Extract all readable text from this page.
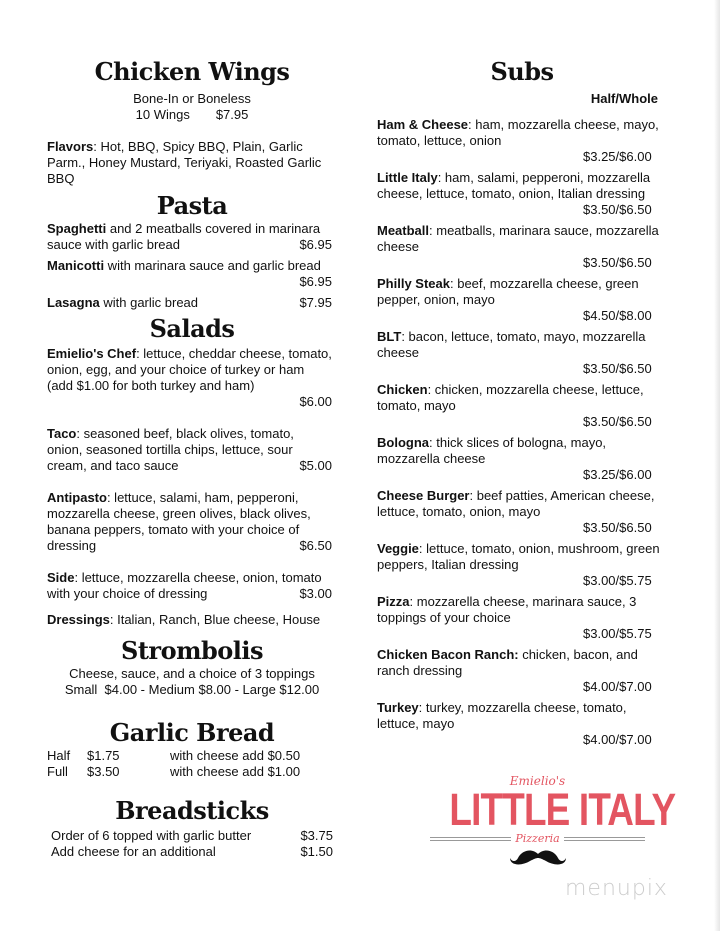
Chicken Wings
Bone-In or Boneless
10 Wings $7.95
Flavors: Hot, BBQ, Spicy BBQ, Plain, Garlic Parm., Honey Mustard, Teriyaki, Roasted Garlic BBQ
Pasta
Spaghetti and 2 meatballs covered in marinara sauce with garlic bread	$6.95
Manicotti with marinara sauce and garlic bread
$6.95
Lasagna with garlic bread	$7.95
Salads
Emielio's Chef: lettuce, cheddar cheese, tomato, onion, egg, and your choice of turkey or ham (add $1.00 for both turkey and ham)
$6.00
Taco: seasoned beef, black olives, tomato, onion, seasoned tortilla chips, lettuce, sour cream, and taco sauce	$5.00
Antipasto: lettuce, salami, ham, pepperoni, mozzarella cheese, green olives, black olives, banana peppers, tomato with your choice of dressing	$6.50
Side: lettuce, mozzarella cheese, onion, tomato with your choice of dressing	$3.00
Dressings: Italian, Ranch, Blue cheese, House
Strombolis
Cheese, sauce, and a choice of 3 toppings
Small  $4.00 - Medium $8.00 - Large $12.00
Garlic Bread
Half	$1.75	with cheese add $0.50
Full	$3.50	with cheese add $1.00
Breadsticks
Order of 6 topped with garlic butter	$3.75
Add cheese for an additional	$1.50
Subs
Half/Whole
Ham & Cheese: ham, mozzarella cheese, mayo, tomato, lettuce, onion
$3.25/$6.00
Little Italy: ham, salami, pepperoni, mozzarella cheese, lettuce, tomato, onion, Italian dressing
$3.50/$6.50
Meatball: meatballs, marinara sauce, mozzarella cheese
$3.50/$6.50
Philly Steak: beef, mozzarella cheese, green pepper, onion, mayo
$4.50/$8.00
BLT: bacon, lettuce, tomato, mayo, mozzarella cheese
$3.50/$6.50
Chicken: chicken, mozzarella cheese, lettuce, tomato, mayo
$3.50/$6.50
Bologna: thick slices of bologna, mayo, mozzarella cheese
$3.25/$6.00
Cheese Burger: beef patties, American cheese, lettuce, tomato, onion, mayo
$3.50/$6.50
Veggie: lettuce, tomato, onion, mushroom, green peppers, Italian dressing
$3.00/$5.75
Pizza: mozzarella cheese, marinara sauce, 3 toppings of your choice
$3.00/$5.75
Chicken Bacon Ranch: chicken, bacon, and ranch dressing
$4.00/$7.00
Turkey: turkey, mozzarella cheese, tomato, lettuce, mayo
$4.00/$7.00
Emielio's
LITTLE ITALY
Pizzeria
menupix
